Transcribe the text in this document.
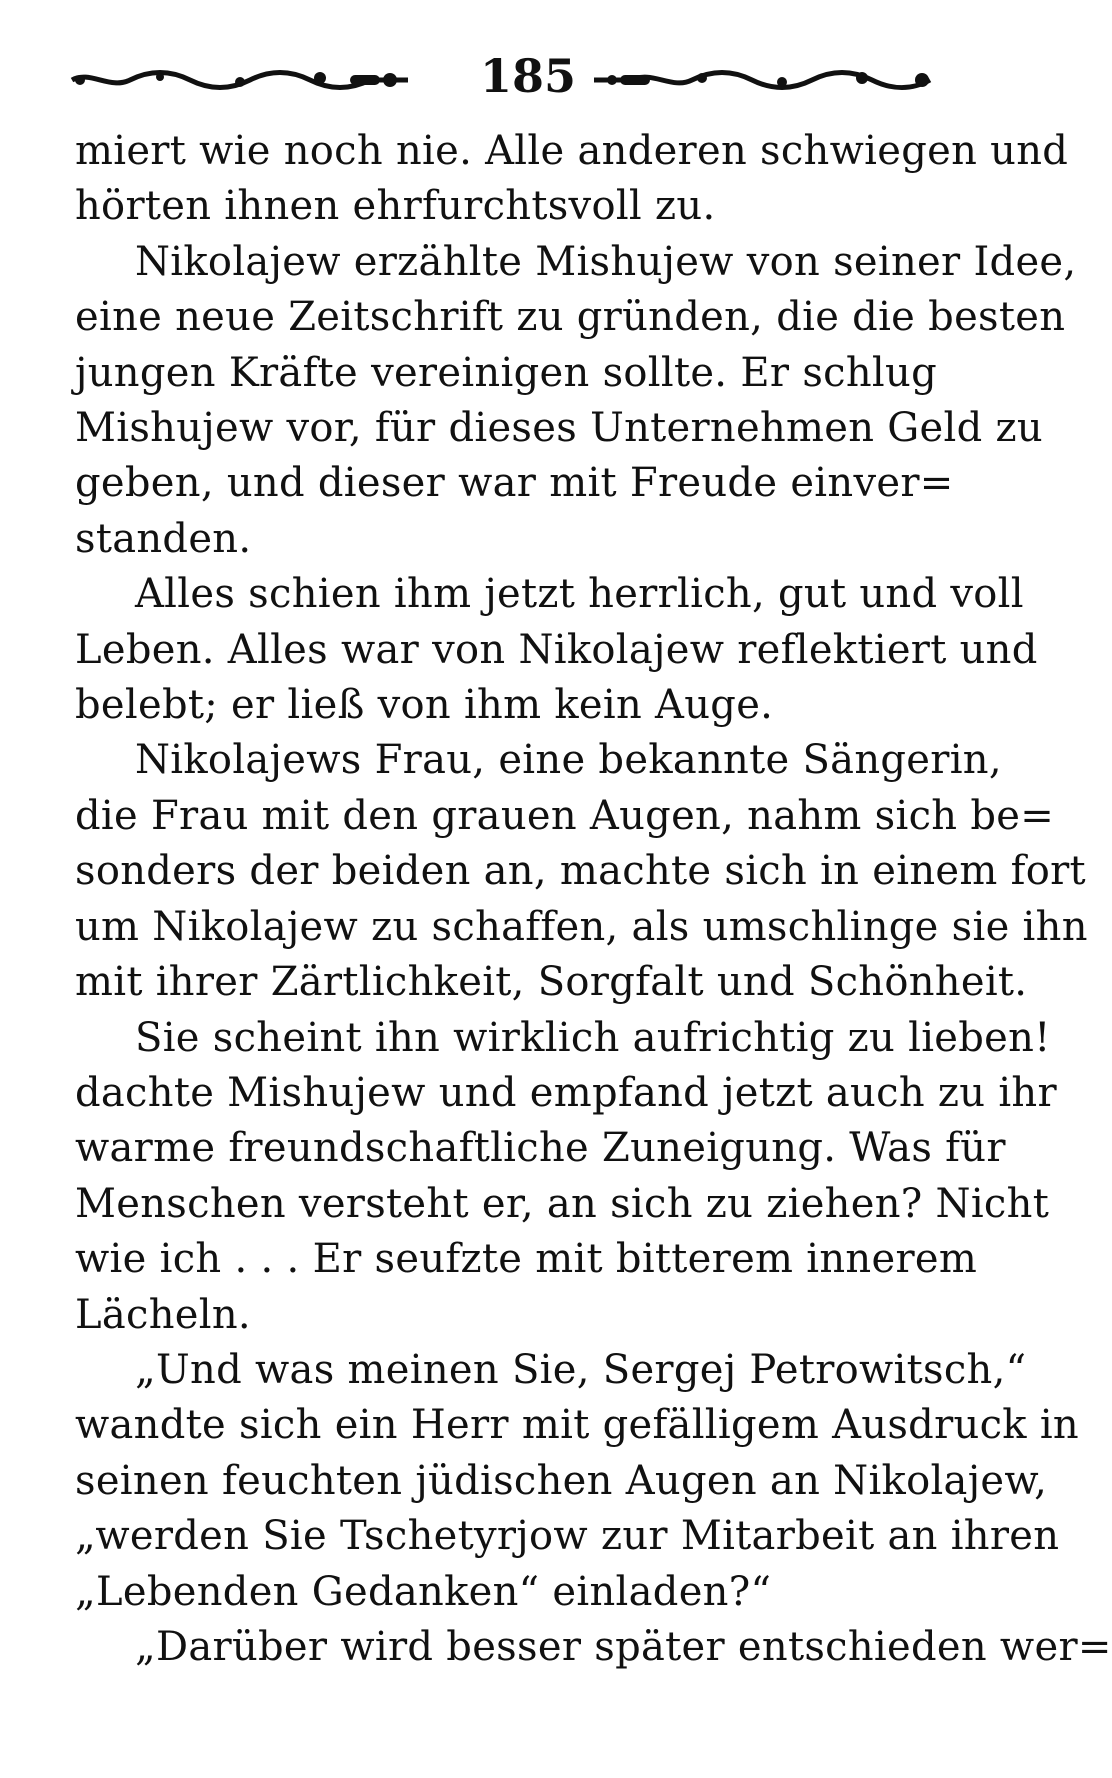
185

miert wie noch nie. Alle anderen schwiegen und
hörten ihnen ehrfurchtsvoll zu.

Nikolajew erzählte Mishujew von seiner Idee,
eine neue Zeitschrift zu gründen, die die besten
jungen Kräfte vereinigen sollte. Er schlug
Mishujew vor, für dieses Unternehmen Geld zu
geben, und dieser war mit Freude einver=
standen.

Alles schien ihm jetzt herrlich, gut und voll
Leben. Alles war von Nikolajew reflektiert und
belebt; er ließ von ihm kein Auge.

Nikolajews Frau, eine bekannte Sängerin,
die Frau mit den grauen Augen, nahm sich be=
sonders der beiden an, machte sich in einem fort
um Nikolajew zu schaffen, als umschlinge sie ihn
mit ihrer Zärtlichkeit, Sorgfalt und Schönheit.

Sie scheint ihn wirklich aufrichtig zu lieben!
dachte Mishujew und empfand jetzt auch zu ihr
warme freundschaftliche Zuneigung. Was für
Menschen versteht er, an sich zu ziehen? Nicht
wie ich . . . Er seufzte mit bitterem innerem
Lächeln.

„Und was meinen Sie, Sergej Petrowitsch,“
wandte sich ein Herr mit gefälligem Ausdruck in
seinen feuchten jüdischen Augen an Nikolajew,
„werden Sie Tschetyrjow zur Mitarbeit an ihren
„Lebenden Gedanken“ einladen?“

„Darüber wird besser später entschieden wer=
